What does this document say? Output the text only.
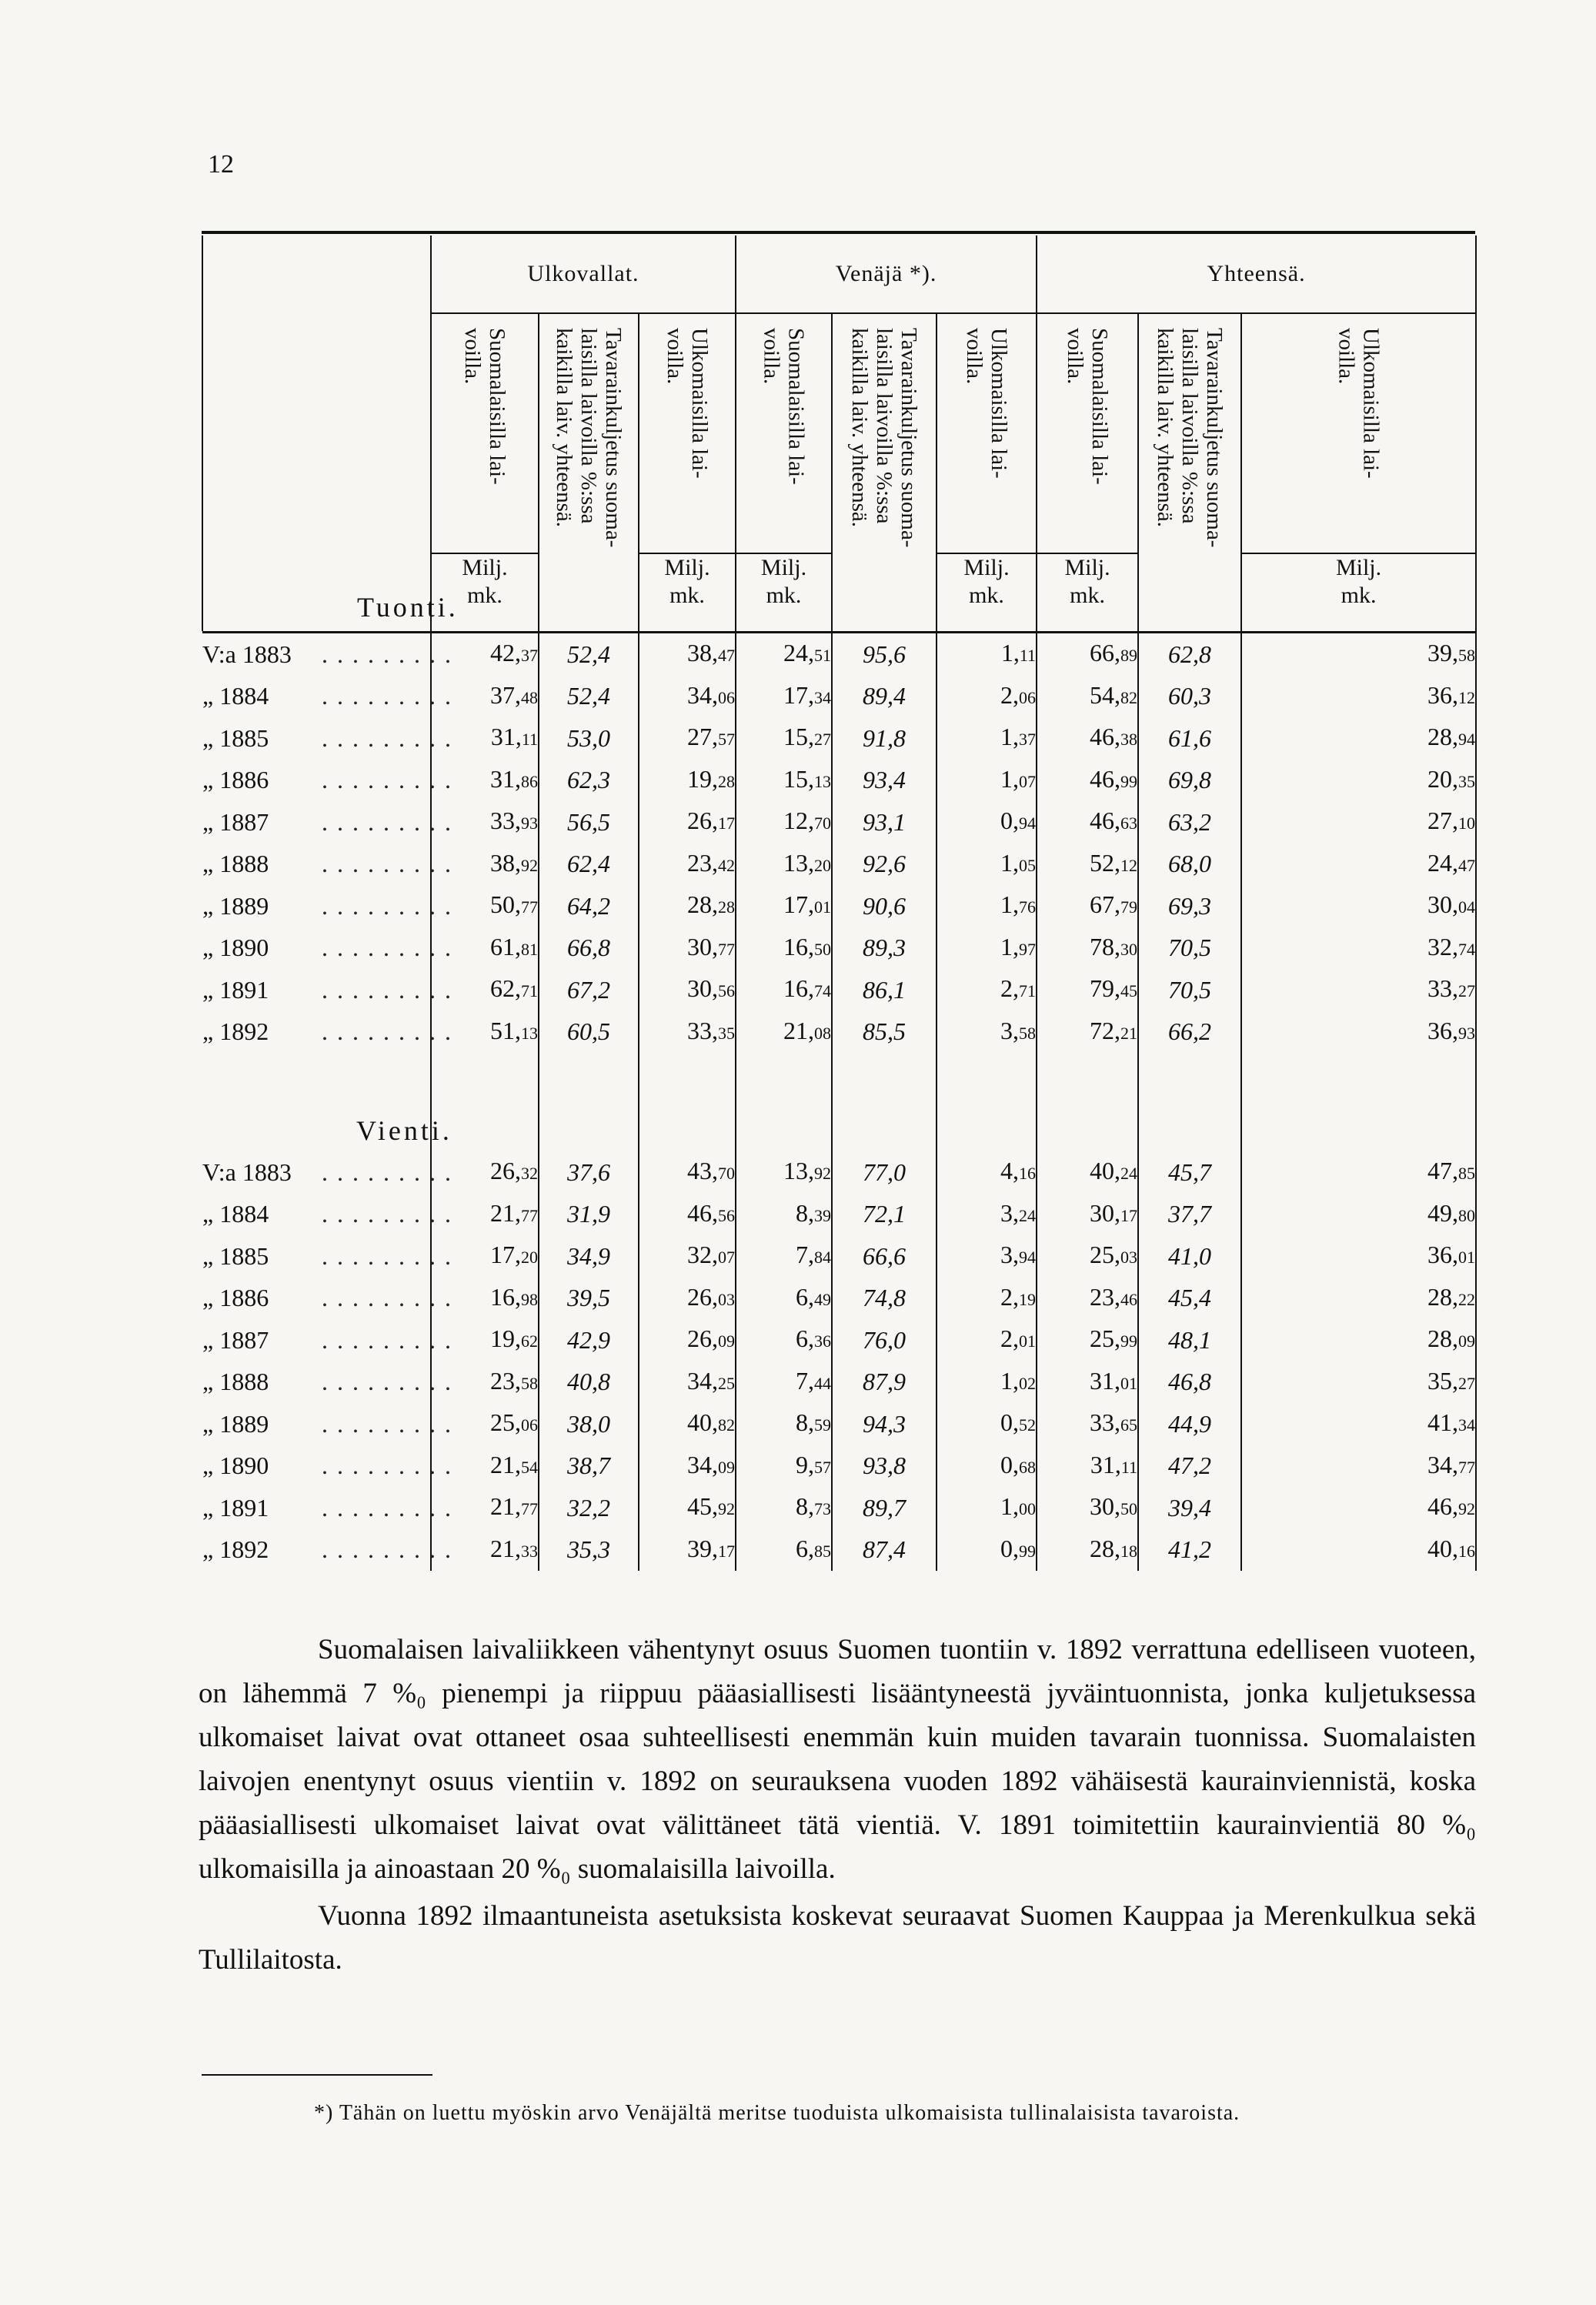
12
Tuonti.	Ulkovallat.			Venäjä *).			Yhteensä.		

	Suomalaisilla lai-
voilla.	Tavarainkuljetus suoma-
laisilla laivoilla %:ssa
kaikilla laiv. yhteensä.	Ulkomaisilla lai-
voilla.	Suomalaisilla lai-
voilla.	Tavarainkuljetus suoma-
laisilla laivoilla %:ssa
kaikilla laiv. yhteensä.	Ulkomaisilla lai-
voilla.	Suomalaisilla lai-
voilla.	Tavarainkuljetus suoma-
laisilla laivoilla %:ssa
kaikilla laiv. yhteensä.	Ulkomaisilla lai-
voilla.

	Milj.
mk.		Milj.
mk.	Milj.
mk.		Milj.
mk.	Milj.
mk.		Milj.
mk.

V:a 1883 .........	42,37	52,4	38,47	24,51	95,6	1,11	66,89	62,8	39,58
„ 1884 .........	37,48	52,4	34,06	17,34	89,4	2,06	54,82	60,3	36,12
„ 1885 .........	31,11	53,0	27,57	15,27	91,8	1,37	46,38	61,6	28,94
„ 1886 .........	31,86	62,3	19,28	15,13	93,4	1,07	46,99	69,8	20,35
„ 1887 .........	33,93	56,5	26,17	12,70	93,1	0,94	46,63	63,2	27,10
„ 1888 .........	38,92	62,4	23,42	13,20	92,6	1,05	52,12	68,0	24,47
„ 1889 .........	50,77	64,2	28,28	17,01	90,6	1,76	67,79	69,3	30,04
„ 1890 .........	61,81	66,8	30,77	16,50	89,3	1,97	78,30	70,5	32,74
„ 1891 .........	62,71	67,2	30,56	16,74	86,1	2,71	79,45	70,5	33,27
„ 1892 .........	51,13	60,5	33,35	21,08	85,5	3,58	72,21	66,2	36,93

Vienti.									

V:a 1883 .........	26,32	37,6	43,70	13,92	77,0	4,16	40,24	45,7	47,85
„ 1884 .........	21,77	31,9	46,56	8,39	72,1	3,24	30,17	37,7	49,80
„ 1885 .........	17,20	34,9	32,07	7,84	66,6	3,94	25,03	41,0	36,01
„ 1886 .........	16,98	39,5	26,03	6,49	74,8	2,19	23,46	45,4	28,22
„ 1887 .........	19,62	42,9	26,09	6,36	76,0	2,01	25,99	48,1	28,09
„ 1888 .........	23,58	40,8	34,25	7,44	87,9	1,02	31,01	46,8	35,27
„ 1889 .........	25,06	38,0	40,82	8,59	94,3	0,52	33,65	44,9	41,34
„ 1890 .........	21,54	38,7	34,09	9,57	93,8	0,68	31,11	47,2	34,77
„ 1891 .........	21,77	32,2	45,92	8,73	89,7	1,00	30,50	39,4	46,92
„ 1892 .........	21,33	35,3	39,17	6,85	87,4	0,99	28,18	41,2	40,16

Suomalaisen laivaliikkeen vähentynyt osuus Suomen tuontiin v. 1892 verrattuna edelliseen vuoteen, on lähemmä 7 %₀ pienempi ja riippuu pääasiallisesti lisääntyneestä jyväintuonnista, jonka kuljetuksessa ulkomaiset laivat ovat ottaneet osaa suhteellisesti enemmän kuin muiden tavarain tuonnissa. Suomalaisten laivojen enentynyt osuus vientiin v. 1892 on seurauksena vuoden 1892 vähäisestä kaurainviennistä, koska pääasiallisesti ulkomaiset laivat ovat välittäneet tätä vientiä. V. 1891 toimitettiin kaurainvientiä 80 %₀ ulkomaisilla ja ainoastaan 20 %₀ suomalaisilla laivoilla.

Vuonna 1892 ilmaantuneista asetuksista koskevat seuraavat Suomen Kauppaa ja Merenkulkua sekä Tullilaitosta.

*) Tähän on luettu myöskin arvo Venäjältä meritse tuoduista ulkomaisista tullinalaisista tavaroista.
